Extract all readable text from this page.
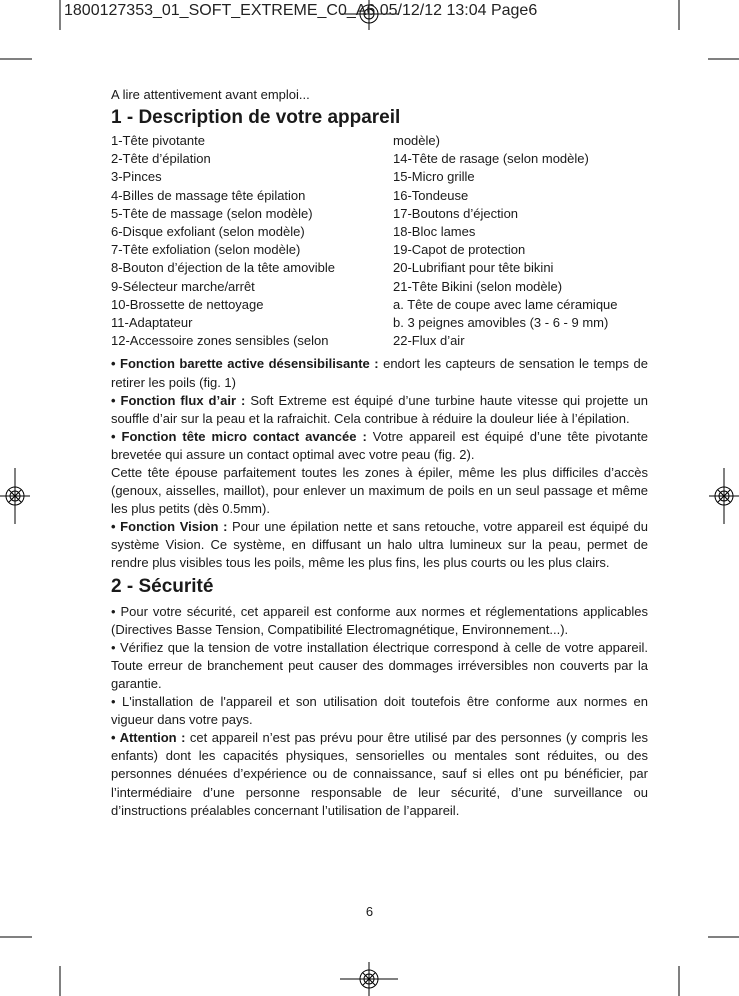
1800127353_01_SOFT_EXTREME_C0_A6 05/12/12 13:04 Page6
A lire attentivement avant emploi...
1 - Description de votre appareil
1-Tête pivotante
2-Tête d’épilation
3-Pinces
4-Billes de massage tête épilation
5-Tête de massage (selon modèle)
6-Disque exfoliant (selon modèle)
7-Tête exfoliation (selon modèle)
8-Bouton d’éjection de la tête amovible
9-Sélecteur marche/arrêt
10-Brossette de nettoyage
11-Adaptateur
12-Accessoire zones sensibles (selon
modèle)
14-Tête de rasage (selon modèle)
15-Micro grille
16-Tondeuse
17-Boutons d’éjection
18-Bloc lames
19-Capot de protection
20-Lubrifiant pour tête bikini
21-Tête Bikini (selon modèle)
a. Tête de coupe avec lame céramique
b. 3 peignes amovibles (3 - 6 - 9 mm)
22-Flux d’air

• Fonction barette active désensibilisante : endort les capteurs de sensation le temps de retirer les poils (fig. 1)

• Fonction flux d’air : Soft Extreme est équipé d’une turbine haute vitesse qui projette un souffle d’air sur la peau et la rafraichit. Cela contribue à réduire la douleur liée à l’épilation.

• Fonction tête micro contact avancée : Votre appareil est équipé d’une tête pivotante brevetée qui assure un contact optimal avec votre peau (fig. 2).

Cette tête épouse parfaitement toutes les zones à épiler, même les plus difficiles d’accès (genoux, aisselles, maillot), pour enlever un maximum de poils en un seul passage et même les plus petits (dès 0.5mm).

• Fonction Vision : Pour une épilation nette et sans retouche, votre appareil est équipé du système Vision. Ce système, en diffusant un halo ultra lumineux sur la peau, permet de rendre plus visibles tous les poils, même les plus fins, les plus courts ou les plus clairs.

2 - Sécurité

• Pour votre sécurité, cet appareil est conforme aux normes et réglementations applicables (Directives Basse Tension, Compatibilité Electromagnétique, Environnement...).

• Vérifiez que la tension de votre installation électrique correspond à celle de votre appareil. Toute erreur de branchement peut causer des dommages irréversibles non couverts par la garantie.

• L'installation de l'appareil et son utilisation doit toutefois être conforme aux normes en vigueur dans votre pays.

• Attention : cet appareil n’est pas prévu pour être utilisé par des personnes (y compris les enfants) dont les capacités physiques, sensorielles ou mentales sont réduites, ou des personnes dénuées d’expérience ou de connaissance, sauf si elles ont pu bénéficier, par l’intermédiaire d’une personne responsable de leur sécurité, d’une surveillance ou d’instructions préalables concernant l’utilisation de l’appareil.

6
